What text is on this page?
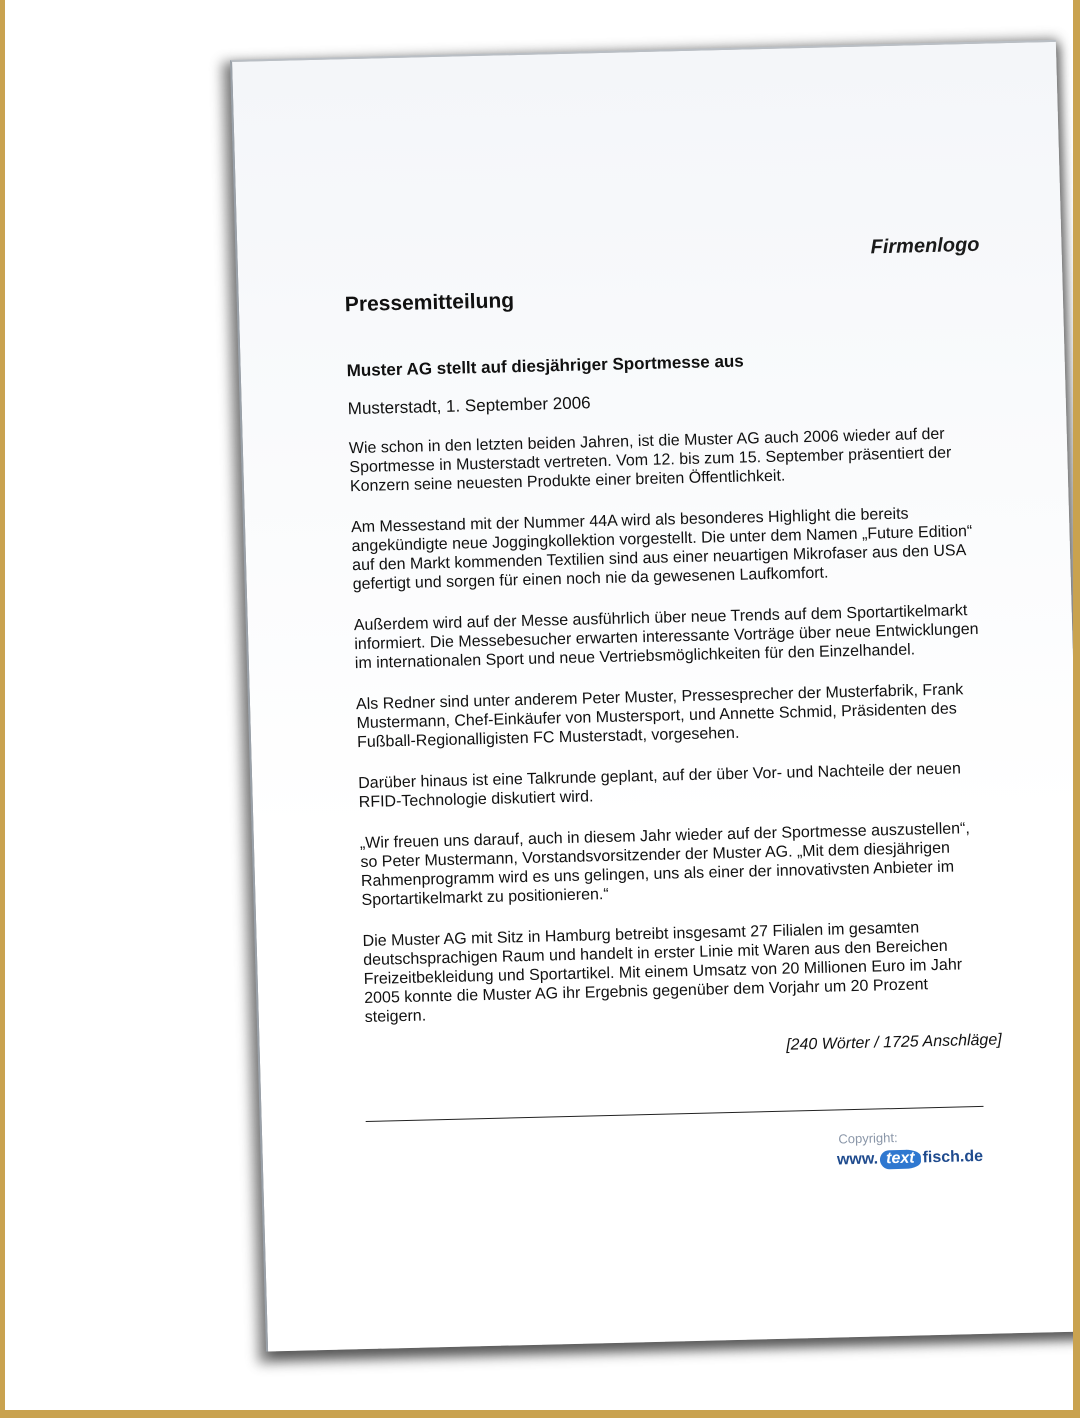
Firmenlogo
Pressemitteilung
Muster AG stellt auf diesjähriger Sportmesse aus
Musterstadt, 1. September 2006

Wie schon in den letzten beiden Jahren, ist die Muster AG auch 2006 wieder auf der Sportmesse in Musterstadt vertreten. Vom 12. bis zum 15. September präsentiert der Konzern seine neuesten Produkte einer breiten Öffentlichkeit.

Am Messestand mit der Nummer 44A wird als besonderes Highlight die bereits angekündigte neue Joggingkollektion vorgestellt. Die unter dem Namen „Future Edition“ auf den Markt kommenden Textilien sind aus einer neuartigen Mikrofaser aus den USA gefertigt und sorgen für einen noch nie da gewesenen Laufkomfort.

Außerdem wird auf der Messe ausführlich über neue Trends auf dem Sportartikelmarkt informiert. Die Messebesucher erwarten interessante Vorträge über neue Entwicklungen im internationalen Sport und neue Vertriebsmöglichkeiten für den Einzelhandel.

Als Redner sind unter anderem Peter Muster, Pressesprecher der Musterfabrik, Frank Mustermann, Chef-Einkäufer von Mustersport, und Annette Schmid, Präsidenten des Fußball-Regionalligisten FC Musterstadt, vorgesehen.

Darüber hinaus ist eine Talkrunde geplant, auf der über Vor- und Nachteile der neuen RFID-Technologie diskutiert wird.

„Wir freuen uns darauf, auch in diesem Jahr wieder auf der Sportmesse auszustellen“, so Peter Mustermann, Vorstandsvorsitzender der Muster AG. „Mit dem diesjährigen Rahmenprogramm wird es uns gelingen, uns als einer der innovativsten Anbieter im Sportartikelmarkt zu positionieren.“

Die Muster AG mit Sitz in Hamburg betreibt insgesamt 27 Filialen im gesamten deutschsprachigen Raum und handelt in erster Linie mit Waren aus den Bereichen Freizeitbekleidung und Sportartikel. Mit einem Umsatz von 20 Millionen Euro im Jahr 2005 konnte die Muster AG ihr Ergebnis gegenüber dem Vorjahr um 20 Prozent steigern.

[240 Wörter / 1725 Anschläge]
Copyright:
www. text fisch.de
